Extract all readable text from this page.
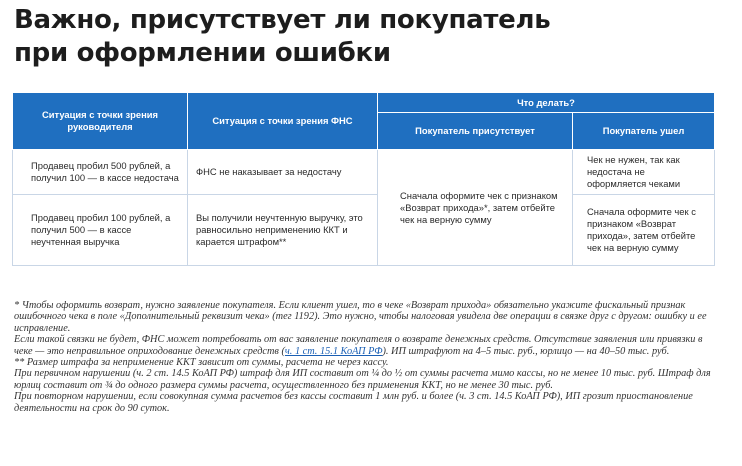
Важно, присутствует ли покупатель
при оформлении ошибки
Ситуация с точки зрения руководителя	Ситуация с точки зрения ФНС	Что делать?	
		Покупатель присутствует	Покупатель ушел
Продавец пробил 500 рублей, а получил 100 — в кассе недостача	ФНС не наказывает за недостачу	Сначала оформите чек с признаком «Возврат прихода»*, затем отбейте чек на верную сумму	Чек не нужен, так как недостача не оформляется чеками
Продавец пробил 100 рублей, а получил 500 — в кассе неучтенная выручка	Вы получили неучтенную выручку, это равносильно неприменению ККТ и карается штрафом**		Сначала оформите чек с признаком «Возврат прихода», затем отбейте чек на верную сумму

* Чтобы оформить возврат, нужно заявление покупателя. Если клиент ушел, то в чеке «Возврат прихода» обязательно укажите фискальный признак ошибочного чека в поле «Дополнительный реквизит чека» (тег 1192). Это нужно, чтобы налоговая увидела две операции в связке друг с другом: ошибку и ее исправление.

Если такой связки не будет, ФНС может потребовать от вас заявление покупателя о возврате денежных средств. Отсутствие заявления или привязки в чеке — это неправильное оприходование денежных средств (ч. 1 ст. 15.1 КоАП РФ). ИП штрафуют на 4–5 тыс. руб., юрлицо — на 40–50 тыс. руб.

** Размер штрафа за неприменение ККТ зависит от суммы, расчета не через кассу.

При первичном нарушении (ч. 2 ст. 14.5 КоАП РФ) штраф для ИП составит от ¼ до ½ от суммы расчета мимо кассы, но не менее 10 тыс. руб. Штраф для юрлиц составит от ¾ до одного размера суммы расчета, осуществленного без применения ККТ, но не менее 30 тыс. руб.

При повторном нарушении, если совокупная сумма расчетов без кассы составит 1 млн руб. и более (ч. 3 ст. 14.5 КоАП РФ), ИП грозит приостановление деятельности на срок до 90 суток.
